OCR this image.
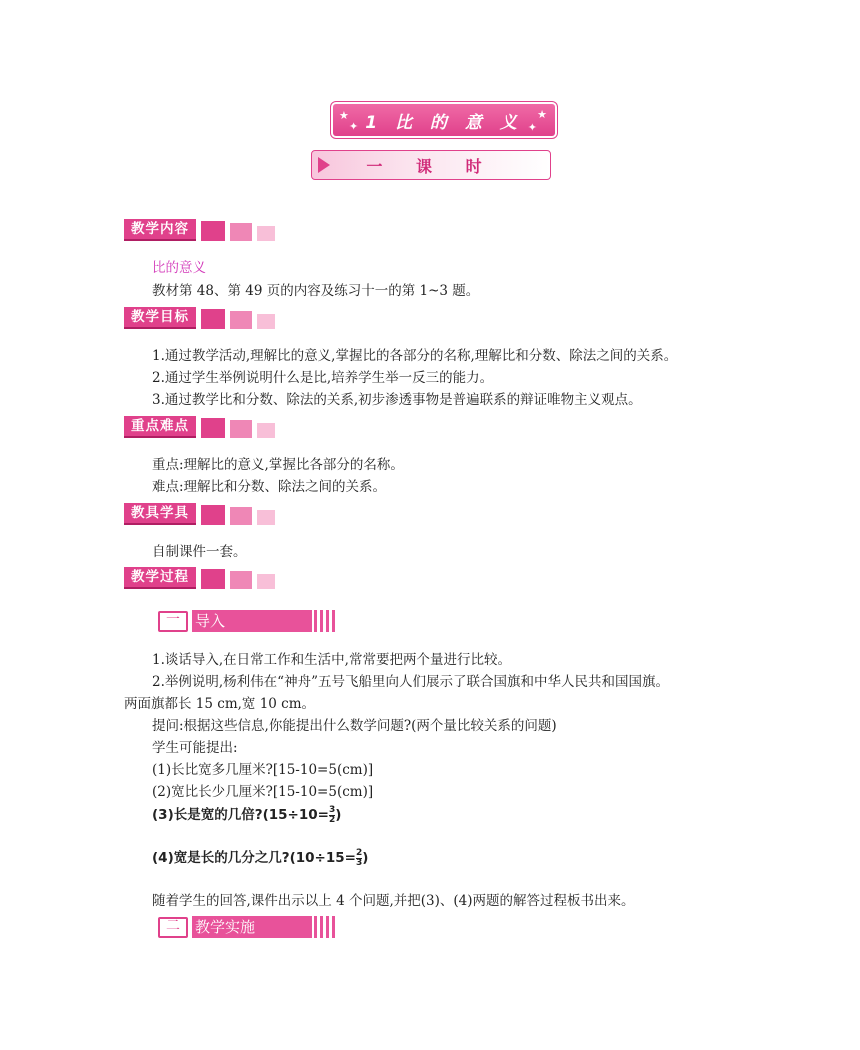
★
✦
★
✦
1 比 的 意 义
一 课 时
教学内容
比的意义
教材第 48、第 49 页的内容及练习十一的第 1~3 题。
教学目标
1.通过教学活动,理解比的意义,掌握比的各部分的名称,理解比和分数、除法之间的关系。
2.通过学生举例说明什么是比,培养学生举一反三的能力。
3.通过教学比和分数、除法的关系,初步渗透事物是普遍联系的辩证唯物主义观点。
重点难点
重点:理解比的意义,掌握比各部分的名称。
难点:理解比和分数、除法之间的关系。
教具学具
自制课件一套。
教学过程
一	导入
1.谈话导入,在日常工作和生活中,常常要把两个量进行比较。
2.举例说明,杨利伟在“神舟”五号飞船里向人们展示了联合国旗和中华人民共和国国旗。
两面旗都长 15 cm,宽 10 cm。
提问:根据这些信息,你能提出什么数学问题?(两个量比较关系的问题)
学生可能提出:
(1)长比宽多几厘米?[15-10=5(cm)]
(2)宽比长少几厘米?[15-10=5(cm)]
(3)长是宽的几倍?(15÷10= $\frac{3}{2}$ )
(4)宽是长的几分之几?(10÷15= $\frac{2}{3}$ )
随着学生的回答,课件出示以上 4 个问题,并把(3)、(4)两题的解答过程板书出来。
二	教学实施
